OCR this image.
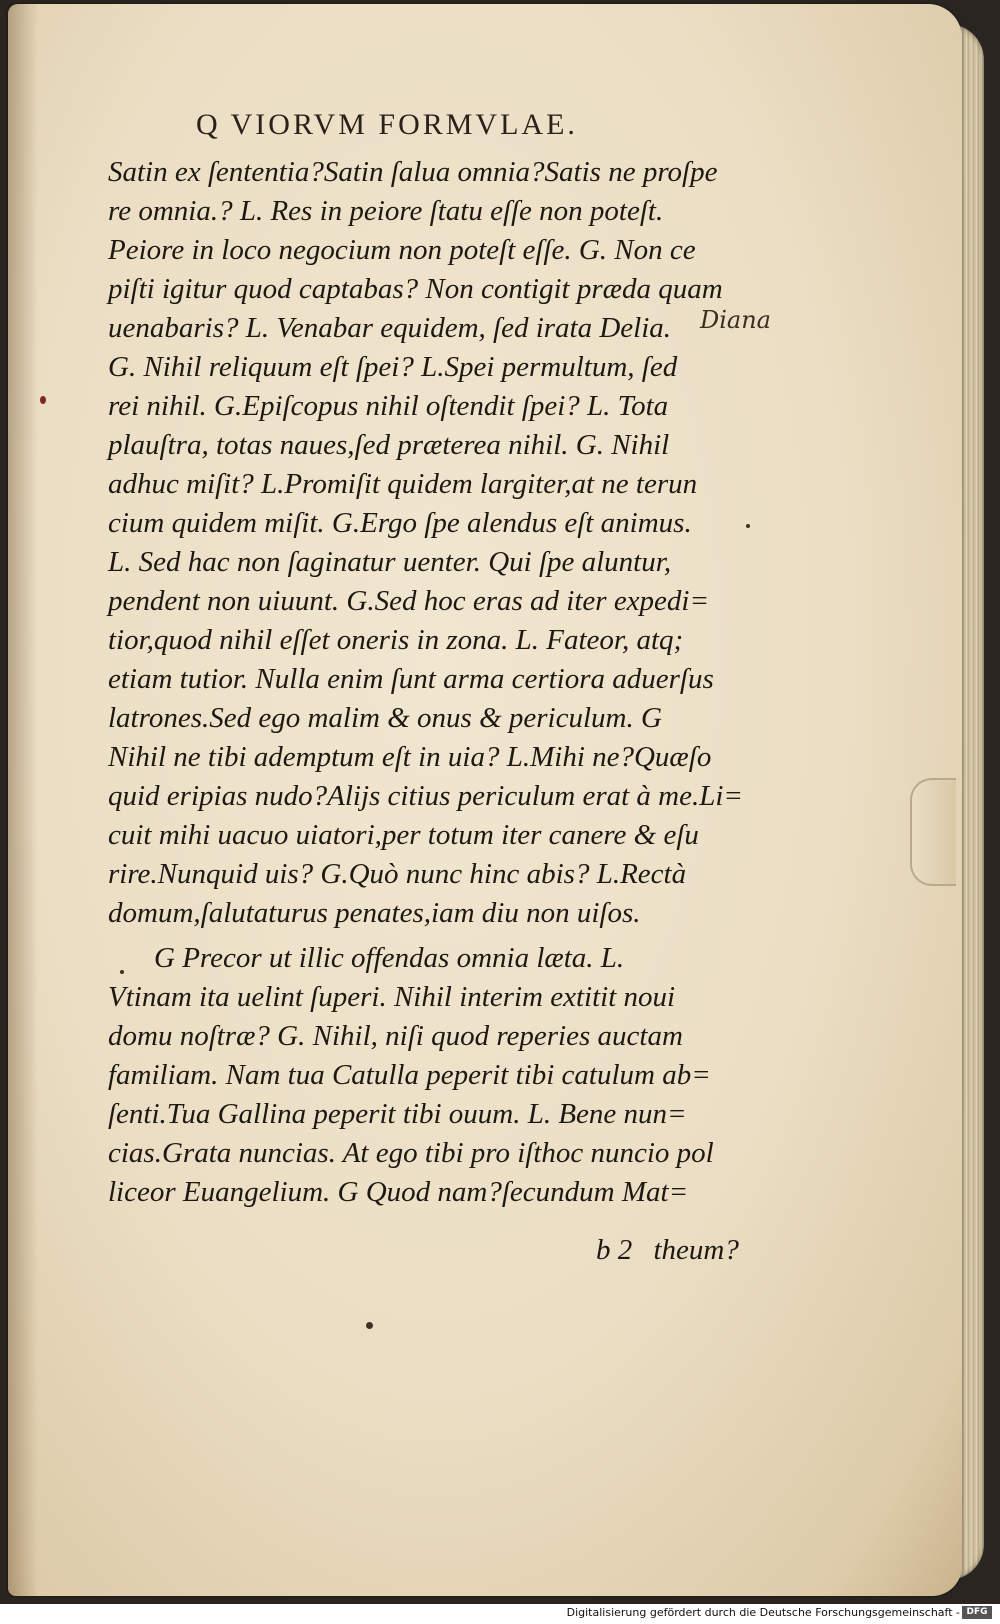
Q VIORVM FORMVLAE.
Satin ex ſententia?Satin ſalua omnia?Satis ne proſpe
re omnia.? L. Res in peiore ſtatu eſſe non poteſt.
Peiore in loco negocium non poteſt eſſe. G. Non ce
piſti igitur quod captabas? Non contigit præda quam
uenabaris? L. Venabar equidem, ſed irata Delia.
G. Nihil reliquum eſt ſpei? L.Spei permultum, ſed
rei nihil. G.Epiſcopus nihil oſtendit ſpei? L. Tota
plauſtra, totas naues,ſed præterea nihil. G. Nihil
adhuc miſit? L.Promiſit quidem largiter,at ne terun
cium quidem miſit. G.Ergo ſpe alendus eſt animus.
L. Sed hac non ſaginatur uenter. Qui ſpe aluntur,
pendent non uiuunt. G.Sed hoc eras ad iter expedi=
tior,quod nihil eſſet oneris in zona. L. Fateor, atq;
etiam tutior. Nulla enim ſunt arma certiora aduerſus
latrones.Sed ego malim & onus & periculum. G
Nihil ne tibi ademptum eſt in uia? L.Mihi ne?Quæſo
quid eripias nudo?Alijs citius periculum erat à me.Li=
cuit mihi uacuo uiatori,per totum iter canere & eſu
rire.Nunquid uis? G.Quò nunc hinc abis? L.Rectà
domum,ſalutaturus penates,iam diu non uiſos.
G Precor ut illic offendas omnia læta. L.
Vtinam ita uelint ſuperi. Nihil interim extitit noui
domu noſtræ? G. Nihil, niſi quod reperies auctam
familiam. Nam tua Catulla peperit tibi catulum ab=
ſenti.Tua Gallina peperit tibi ouum. L. Bene nun=
cias.Grata nuncias. At ego tibi pro iſthoc nuncio pol
liceor Euangelium. G Quod nam?ſecundum Mat=
Diana
b 2 theum?
Digitalisierung gefördert durch die Deutsche Forschungsgemeinschaft - DFG
